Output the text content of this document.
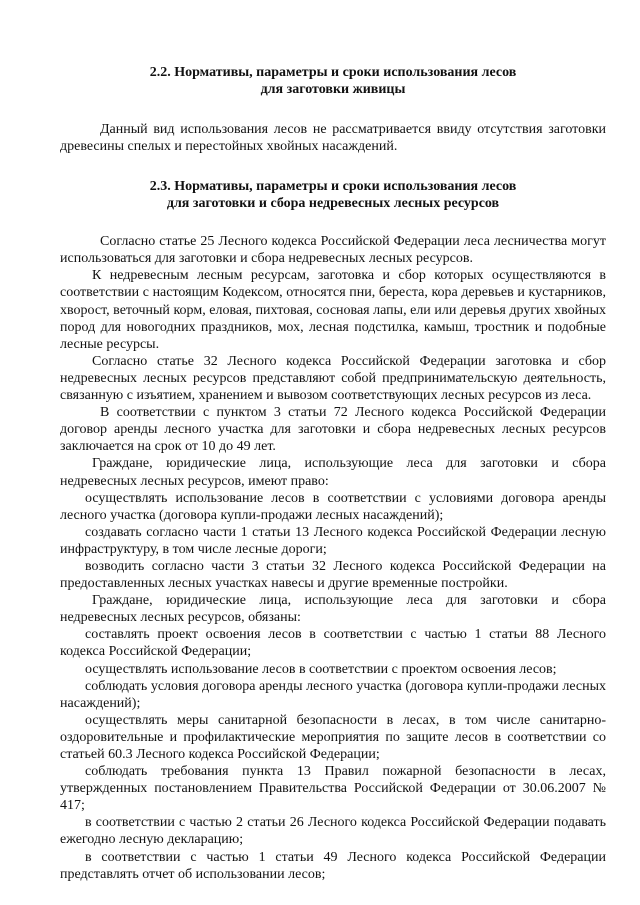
2.2. Нормативы, параметры и сроки использования лесов
для заготовки живицы

Данный вид использования лесов не рассматривается ввиду отсутствия заготовки древесины спелых и перестойных хвойных насаждений.

2.3. Нормативы, параметры и сроки использования лесов
для заготовки и сбора недревесных лесных ресурсов

Согласно статье 25 Лесного кодекса Российской Федерации леса лесничества могут использоваться для заготовки и сбора недревесных лесных ресурсов.

К недревесным лесным ресурсам, заготовка и сбор которых осуществляются в соответствии с настоящим Кодексом, относятся пни, береста, кора деревьев и кустарников, хворост, веточный корм, еловая, пихтовая, сосновая лапы, ели или деревья других хвойных пород для новогодних праздников, мох, лесная подстилка, камыш, тростник и подобные лесные ресурсы.

Согласно статье 32 Лесного кодекса Российской Федерации заготовка и сбор недревесных лесных ресурсов представляют собой предпринимательскую деятельность, связанную с изъятием, хранением и вывозом соответствующих лесных ресурсов из леса.

В соответствии с пунктом 3 статьи 72 Лесного кодекса Российской Федерации договор аренды лесного участка для заготовки и сбора недревесных лесных ресурсов заключается на срок от 10 до 49 лет.

Граждане, юридические лица, использующие леса для заготовки и сбора недревесных лесных ресурсов, имеют право:

осуществлять использование лесов в соответствии с условиями договора аренды лесного участка (договора купли-продажи лесных насаждений);

создавать согласно части 1 статьи 13 Лесного кодекса Российской Федерации лесную инфраструктуру, в том числе лесные дороги;

возводить согласно части 3 статьи 32 Лесного кодекса Российской Федерации на предоставленных лесных участках навесы и другие временные постройки.

Граждане, юридические лица, использующие леса для заготовки и сбора недревесных лесных ресурсов, обязаны:

составлять проект освоения лесов в соответствии с частью 1 статьи 88 Лесного кодекса Российской Федерации;

осуществлять использование лесов в соответствии с проектом освоения лесов;

соблюдать условия договора аренды лесного участка (договора купли-продажи лесных насаждений);

осуществлять меры санитарной безопасности в лесах, в том числе санитарно-оздоровительные и профилактические мероприятия по защите лесов в соответствии со статьей 60.3 Лесного кодекса Российской Федерации;

соблюдать требования пункта 13 Правил пожарной безопасности в лесах, утвержденных постановлением Правительства Российской Федерации от 30.06.2007 № 417;

в соответствии с частью 2 статьи 26 Лесного кодекса Российской Федерации подавать ежегодно лесную декларацию;

в соответствии с частью 1 статьи 49 Лесного кодекса Российской Федерации представлять отчет об использовании лесов;
